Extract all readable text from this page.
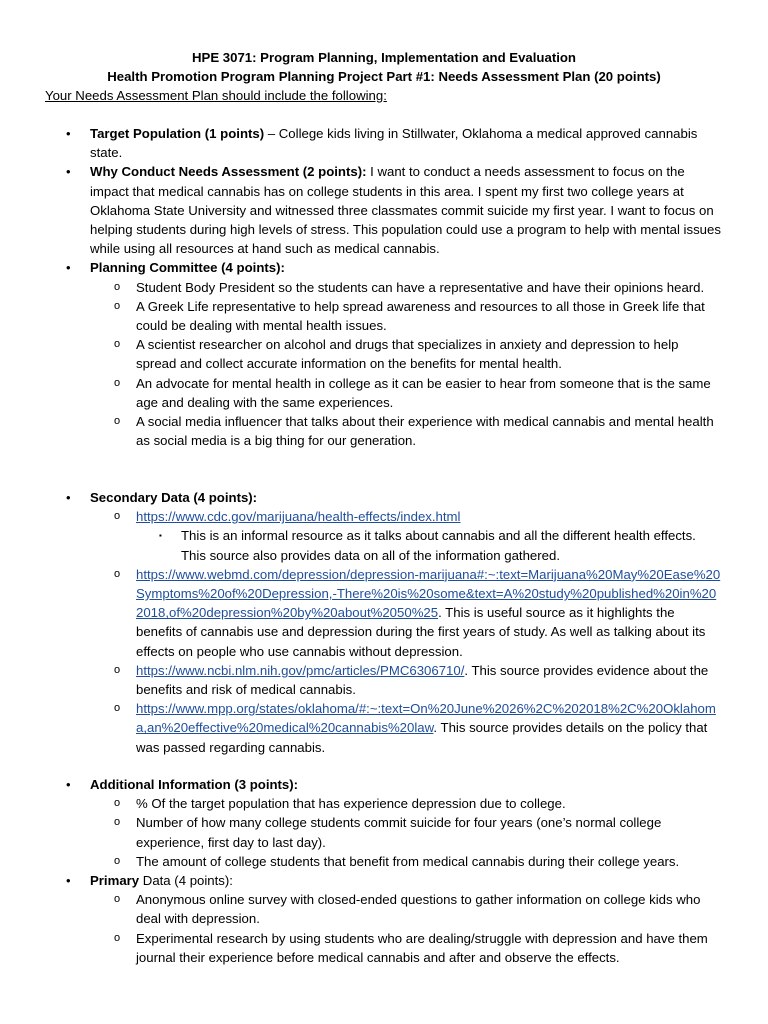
HPE 3071: Program Planning, Implementation and Evaluation
Health Promotion Program Planning Project Part #1: Needs Assessment Plan (20 points)
Your Needs Assessment Plan should include the following:
• Target Population (1 points) – College kids living in Stillwater, Oklahoma a medical approved cannabis state.
• Why Conduct Needs Assessment (2 points): I want to conduct a needs assessment to focus on the impact that medical cannabis has on college students in this area. I spent my first two college years at Oklahoma State University and witnessed three classmates commit suicide my first year. I want to focus on helping students during high levels of stress. This population could use a program to help with mental issues while using all resources at hand such as medical cannabis.
• Planning Committee (4 points):
o Student Body President so the students can have a representative and have their opinions heard.
o A Greek Life representative to help spread awareness and resources to all those in Greek life that could be dealing with mental health issues.
o A scientist researcher on alcohol and drugs that specializes in anxiety and depression to help spread and collect accurate information on the benefits for mental health.
o An advocate for mental health in college as it can be easier to hear from someone that is the same age and dealing with the same experiences.
o A social media influencer that talks about their experience with medical cannabis and mental health as social media is a big thing for our generation.
• Secondary Data (4 points):
o https://www.cdc.gov/marijuana/health-effects/index.html
▪ This is an informal resource as it talks about cannabis and all the different health effects. This source also provides data on all of the information gathered.
o https://www.webmd.com/depression/depression-marijuana#:~:text=Marijuana%20May%20Ease%20Symptoms%20of%20Depression,-There%20is%20some&text=A%20study%20published%20in%202018,of%20depression%20by%20about%2050%25. This is useful source as it highlights the benefits of cannabis use and depression during the first years of study. As well as talking about its effects on people who use cannabis without depression.
o https://www.ncbi.nlm.nih.gov/pmc/articles/PMC6306710/. This source provides evidence about the benefits and risk of medical cannabis.
o https://www.mpp.org/states/oklahoma/#:~:text=On%20June%2026%2C%202018%2C%20Oklahoma,an%20effective%20medical%20cannabis%20law. This source provides details on the policy that was passed regarding cannabis.
• Additional Information (3 points):
o % Of the target population that has experience depression due to college.
o Number of how many college students commit suicide for four years (one’s normal college experience, first day to last day).
o The amount of college students that benefit from medical cannabis during their college years.
• Primary Data (4 points):
o Anonymous online survey with closed-ended questions to gather information on college kids who deal with depression.
o Experimental research by using students who are dealing/struggle with depression and have them journal their experience before medical cannabis and after and observe the effects.
